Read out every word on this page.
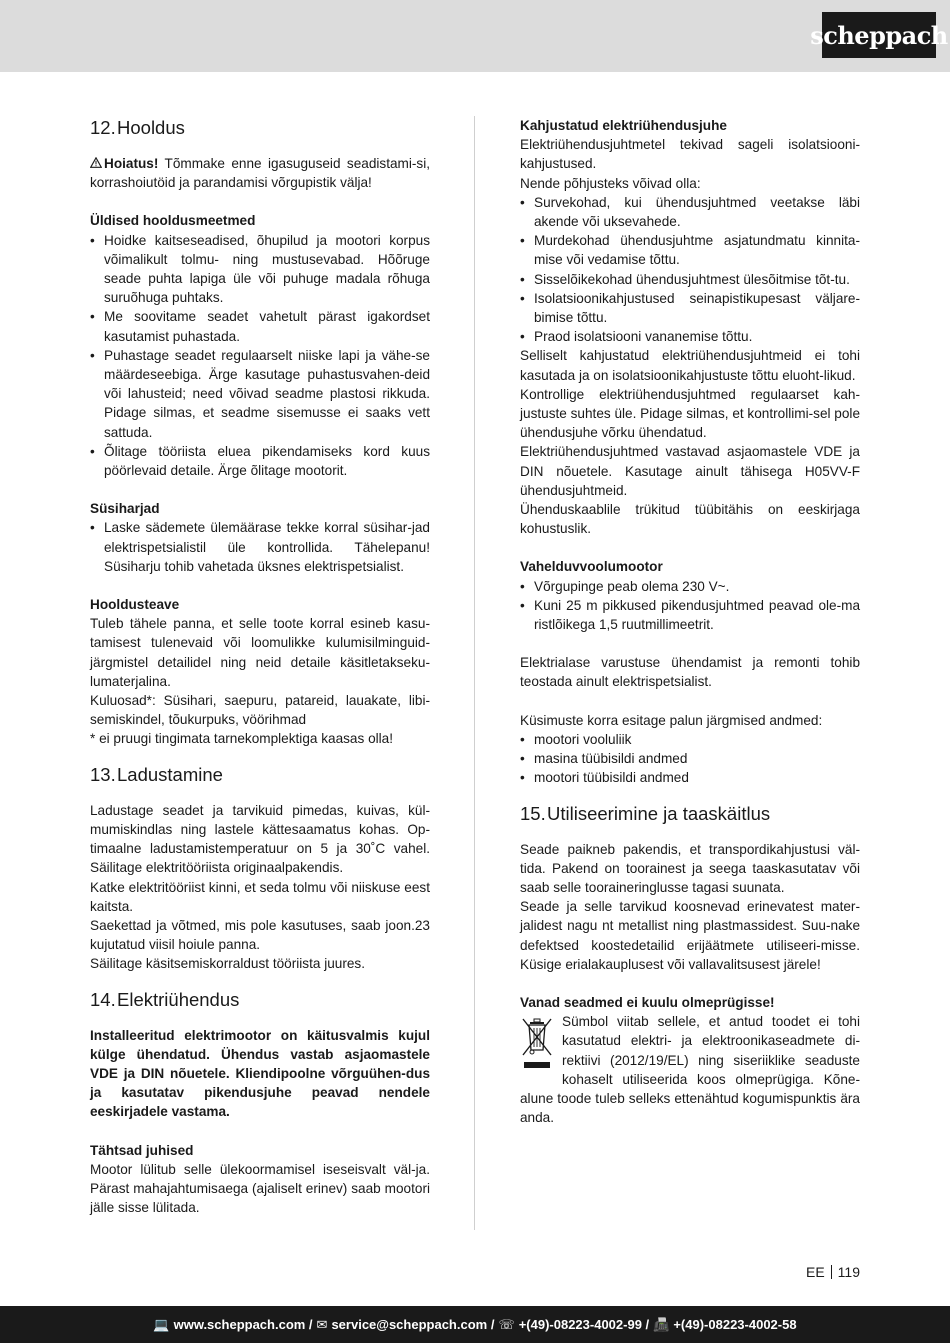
scheppach
12.Hooldus

Hoiatus! Tõmmake enne igasuguseid seadistami-si, korrashoiutöid ja parandamisi võrgupistik välja!

Üldised hooldusmeetmed

• Hoidke kaitseseadised, õhupilud ja mootori korpus võimalikult tolmu- ning mustusevabad. Hõõruge seade puhta lapiga üle või puhuge madala rõhuga suruõhuga puhtaks.
• Me soovitame seadet vahetult pärast igakordset kasutamist puhastada.
• Puhastage seadet regulaarselt niiske lapi ja vähe-se määrdeseebiga. Ärge kasutage puhastusvahen-deid või lahusteid; need võivad seadme plastosi rikkuda. Pidage silmas, et seadme sisemusse ei saaks vett sattuda.
• Õlitage tööriista eluea pikendamiseks kord kuus pöörlevaid detaile. Ärge õlitage mootorit.

Süsiharjad

• Laske sädemete ülemäärase tekke korral süsihar-jad elektrispetsialistil üle kontrollida. Tähelepanu! Süsiharju tohib vahetada üksnes elektrispetsialist.

Hooldusteave

Tuleb tähele panna, et selle toote korral esineb kasu-tamisest tulenevaid või loomulikke kulumisilminguid-järgmistel detailidel ning neid detaile käsitletakseku-lumaterjalina.

Kuluosad*: Süsihari, saepuru, patareid, lauakate, libi-semiskindel, tõukurpuks, vöörihmad

* ei pruugi tingimata tarnekomplektiga kaasas olla!

13.Ladustamine

Ladustage seadet ja tarvikuid pimedas, kuivas, kül-mumiskindlas ning lastele kättesaamatus kohas. Op-timaalne ladustamistemperatuur on 5 ja 30˚C vahel. Säilitage elektritööriista originaalpakendis.

Katke elektritööriist kinni, et seda tolmu või niiskuse eest kaitsta.

Saekettad ja võtmed, mis pole kasutuses, saab joon.23 kujutatud viisil hoiule panna.

Säilitage käsitsemiskorraldust tööriista juures.

14.Elektriühendus

Installeeritud elektrimootor on käitusvalmis kujul külge ühendatud. Ühendus vastab asjaomastele VDE ja DIN nõuetele. Kliendipoolne võrguühen-dus ja kasutatav pikendusjuhe peavad nendele eeskirjadele vastama.

Tähtsad juhised

Mootor lülitub selle ülekoormamisel iseseisvalt väl-ja. Pärast mahajahtumisaega (ajaliselt erinev) saab mootori jälle sisse lülitada.

Kahjustatud elektriühendusjuhe

Elektriühendusjuhtmetel tekivad sageli isolatsiooni-kahjustused.

Nende põhjusteks võivad olla:

• Survekohad, kui ühendusjuhtmed veetakse läbi akende või uksevahede.
• Murdekohad ühendusjuhtme asjatundmatu kinnita-mise või vedamise tõttu.
• Sisselõikekohad ühendusjuhtmest ülesõitmise tõt-tu.
• Isolatsioonikahjustused seinapistikupesast väljare-bimise tõttu.
• Praod isolatsiooni vananemise tõttu.

Selliselt kahjustatud elektriühendusjuhtmeid ei tohi kasutada ja on isolatsioonikahjustuste tõttu eluoht-likud.

Kontrollige elektriühendusjuhtmed regulaarset kah-justuste suhtes üle. Pidage silmas, et kontrollimi-sel pole ühendusjuhe võrku ühendatud.

Elektriühendusjuhtmed vastavad asjaomastele VDE ja DIN nõuetele. Kasutage ainult tähisega H05VV-F ühendusjuhtmeid.

Ühenduskaablile trükitud tüübitähis on eeskirjaga kohustuslik.

Vahelduvvoolumootor

• Võrgupinge peab olema 230 V~.
• Kuni 25 m pikkused pikendusjuhtmed peavad ole-ma ristlõikega 1,5 ruutmillimeetrit.

Elektrialase varustuse ühendamist ja remonti tohib teostada ainult elektrispetsialist.

Küsimuste korra esitage palun järgmised andmed:

• mootori vooluliik
• masina tüübisildi andmed
• mootori tüübisildi andmed
15.Utiliseerimine ja taaskäitlus

Seade paikneb pakendis, et transpordikahjustusi väl-tida. Pakend on toorainest ja seega taaskasutatav või saab selle tooraineringlusse tagasi suunata.

Seade ja selle tarvikud koosnevad erinevatest mater-jalidest nagu nt metallist ning plastmassidest. Suu-nake defektsed koostedetailid erijäätmete utiliseeri-misse. Küsige erialakauplusest või vallavalitsusest järele!

Vanad seadmed ei kuulu olmeprügisse!

Sümbol viitab sellele, et antud toodet ei tohi kasutatud elektri- ja elektroonikaseadmete di-rektiivi (2012/19/EL) ning siseriiklike seaduste kohaselt utiliseerida koos olmeprügiga. Kõne-alune toode tuleb selleks ettenähtud kogumispunktis ära anda.

EE 119
💻 www.scheppach.com / ✉ service@scheppach.com / ☏ +(49)-08223-4002-99 / 📠 +(49)-08223-4002-58
